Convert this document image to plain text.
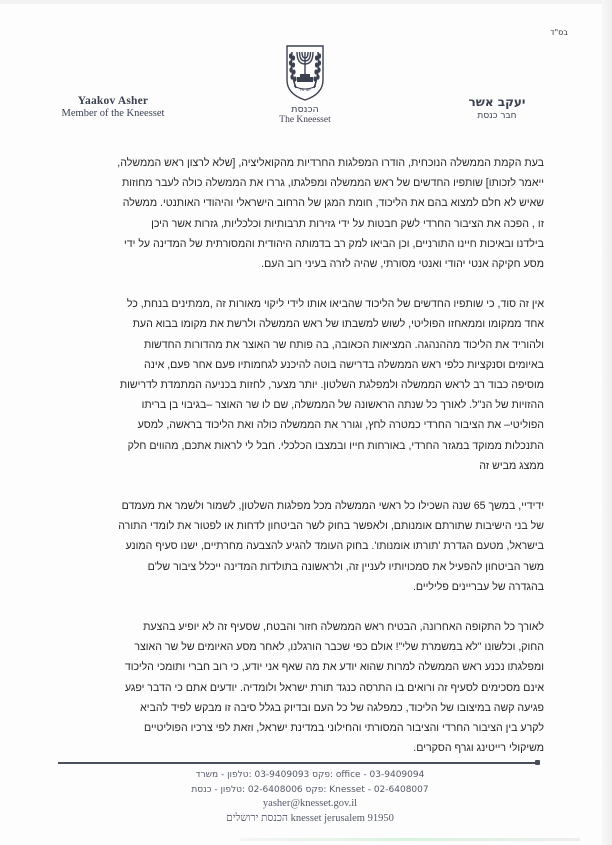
בס"ד
Yaakov Asher
Member of the Kneesset
ישראל
הכנסת
The Kneesset
יעקב אשר
חבר כנסת

בעת הקמת הממשלה הנוכחית, הודרו המפלגות החרדיות מהקואליציה, [שלא לרצון ראש הממשלה,

ייאמר לזכותו] שותפיו החדשים של ראש הממשלה ומפלגתו, גררו את הממשלה כולה לעבר מחוזות

שאיש לא חלם למצוא בהם את הליכוד, חומת המגן של הרחוב הישראלי והיהודי האותנטי. ממשלה

זו , הפכה את הציבור החרדי לשק חבטות על ידי גזירות תרבותיות וכלכליות, גזרות אשר היכן

בילדנו ובאיכות חיינו התורניים, וכן הביאו למק רב בדמותה היהודית והמסורתית של המדינה על ידי

מסע חקיקה אנטי יהודי ואנטי מסורתי, שהיה לזרה בעיני רוב העם.

אין זה סוד, כי שותפיו החדשים של הליכוד שהביאו אותו לידי ליקוי מאורות זה ,ממתינים בנחת, כל

אחד ממקומו וממאחזו הפוליטי, לשוש למשבתו של ראש הממשלה ולרשת את מקומו בבוא העת

ולהוריד את הליכוד מההנהגה. המציאות הכאובה, בה פותח שר האוצר את מהדורות החדשות

באיומים וסנקציות כלפי ראש הממשלה בדרישה בוטה להיכנע לגחמותיו פעם אחר פעם, אינה

מוסיפה כבוד רב לראש הממשלה ולמפלגת השלטון. יותר מצער, לחזות בכניעה המתמדת לדרישות

ההזויות של הנ"ל. לאורך כל שנתה הראשונה של הממשלה, שם לו שר האוצר –בגיבוי בן בריתו

הפוליטי– את הציבור החרדי כמטרה לחץ, וגורר את הממשלה כולה ואת הליכוד בראשה, למסע

התנכלות ממוקד במגזר החרדי, באורחות חייו ובמצבו הכלכלי. חבל לי לראות אתכם, מהווים חלק

ממצג מביש זה

ידידיי, במשך 65 שנה השכילו כל ראשי הממשלה מכל מפלגות השלטון, לשמור ולשמר את מעמדם

של בני הישיבות שתורתם אומנותם, ולאפשר בחוק לשר הביטחון לדחות או לפטור את לומדי התורה

בישראל, מטעם הגדרת 'תורתו אומנותו'. בחוק העומד להגיע להצבעה מחרתיים, ישנו סעיף המונע

משר הביטחון להפעיל את סמכויותיו לעניין זה, ולראשונה בתולדות המדינה ייכלל ציבור של'ם

בהגדרה של עבריינים פליליים.

לאורך כל התקופה האחרונה, הבטיח ראש הממשלה חזור והבטח, שסעיף זה לא יופיע בהצעת

החוק, וכלשונו "לא במשמרת שלי"! אולם כפי שכבר הורגלנו, לאחר מסע האיומים של שר האוצר

ומפלגתו נכנע ראש הממשלה למרות שהוא יודע את מה שאף אני יודע, כי רוב חברי ותומכי הליכוד

אינם מסכימים לסעיף זה ורואים בו התרסה כנגד תורת ישראל ולומדיה. יודעים אתם כי הדבר יפגע

פגיעה קשה במיצובו של הליכוד, כמפלגה של כל העם ובדיוק בגלל סיבה זו מבקש לפיד להביא

לקרע בין הציבור החרדי והציבור המסורתי והחילוני במדינת ישראל, וזאת לפי צרכיו הפוליטיים

משיקולי רייטינג וגרף הסקרים.

office - 03-9409094 :פקס 03-9409093 :טלפון - משרד
Knesset - 02-6408007 :פקס 02-6408006 :טלפון - כנסת
yasher@knesset.gov.il
knesset jerusalem 91950 הכנסת ירושלים
